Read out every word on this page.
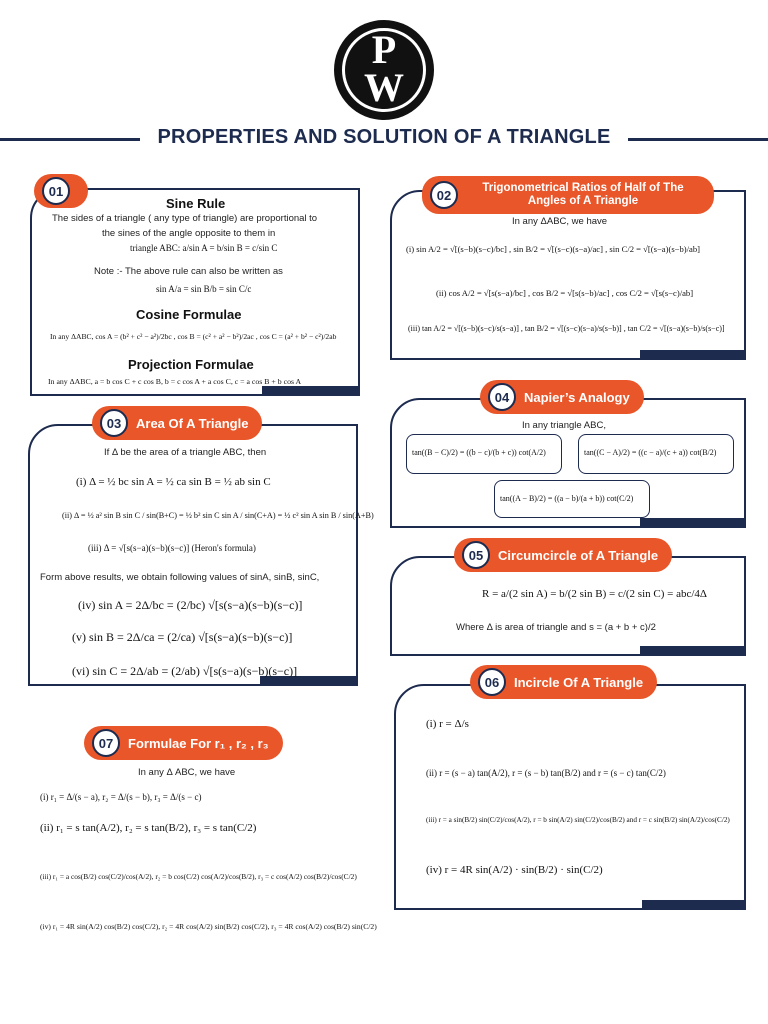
P
W
PROPERTIES AND SOLUTION OF A TRIANGLE
01
Sine Rule
The sides of a triangle ( any type of triangle) are proportional to
the sines of the angle opposite to them in
triangle ABC: a/sin A = b/sin B = c/sin C
Note :- The above rule can also be written as
sin A/a = sin B/b = sin C/c
Cosine Formulae
In any ΔABC, cos A = (b² + c² − a²)/2bc , cos B = (c² + a² − b²)/2ac , cos C = (a² + b² − c²)/2ab
Projection Formulae
In any ΔABC, a = b cos C + c cos B, b = c cos A + a cos C, c = a cos B + b cos A
02	Trigonometrical Ratios of Half of The Angles of A Triangle
In any ΔABC, we have
(i) sin A/2 = √[(s−b)(s−c)/bc] , sin B/2 = √[(s−c)(s−a)/ac] , sin C/2 = √[(s−a)(s−b)/ab]
(ii) cos A/2 = √[s(s−a)/bc] , cos B/2 = √[s(s−b)/ac] , cos C/2 = √[s(s−c)/ab]
(iii) tan A/2 = √[(s−b)(s−c)/s(s−a)] , tan B/2 = √[(s−c)(s−a)/s(s−b)] , tan C/2 = √[(s−a)(s−b)/s(s−c)]
03	Area Of A Triangle
If Δ be the area of a triangle ABC, then
(i) Δ = ½ bc sin A = ½ ca sin B = ½ ab sin C
(ii) Δ = ½ a² sin B sin C / sin(B+C) = ½ b² sin C sin A / sin(C+A) = ½ c² sin A sin B / sin(A+B)
(iii) Δ = √[s(s−a)(s−b)(s−c)] (Heron's formula)
Form above results, we obtain following values of sinA, sinB, sinC,
(iv) sin A = 2Δ/bc = (2/bc) √[s(s−a)(s−b)(s−c)]
(v) sin B = 2Δ/ca = (2/ca) √[s(s−a)(s−b)(s−c)]
(vi) sin C = 2Δ/ab = (2/ab) √[s(s−a)(s−b)(s−c)]
04	Napier’s Analogy
In any triangle ABC,
tan((B − C)/2) = ((b − c)/(b + c)) cot(A/2)	tan((C − A)/2) = ((c − a)/(c + a)) cot(B/2)
tan((A − B)/2) = ((a − b)/(a + b)) cot(C/2)
05	Circumcircle of A Triangle
R = a/(2 sin A) = b/(2 sin B) = c/(2 sin C) = abc/4Δ
Where Δ is area of triangle and s = (a + b + c)/2
06	Incircle Of A Triangle
(i) r = Δ/s
(ii) r = (s − a) tan(A/2), r = (s − b) tan(B/2) and r = (s − c) tan(C/2)
(iii) r = a sin(B/2) sin(C/2)/cos(A/2), r = b sin(A/2) sin(C/2)/cos(B/2) and r = c sin(B/2) sin(A/2)/cos(C/2)
(iv) r = 4R sin(A/2) · sin(B/2) · sin(C/2)
07	Formulae For r₁ , r₂ , r₃
In any Δ ABC, we have
(i) r₁ = Δ/(s − a), r₂ = Δ/(s − b), r₃ = Δ/(s − c)
(ii) r₁ = s tan(A/2), r₂ = s tan(B/2), r₃ = s tan(C/2)
(iii) r₁ = a cos(B/2) cos(C/2)/cos(A/2), r₂ = b cos(C/2) cos(A/2)/cos(B/2), r₃ = c cos(A/2) cos(B/2)/cos(C/2)
(iv) r₁ = 4R sin(A/2) cos(B/2) cos(C/2), r₂ = 4R cos(A/2) sin(B/2) cos(C/2), r₃ = 4R cos(A/2) cos(B/2) sin(C/2)
